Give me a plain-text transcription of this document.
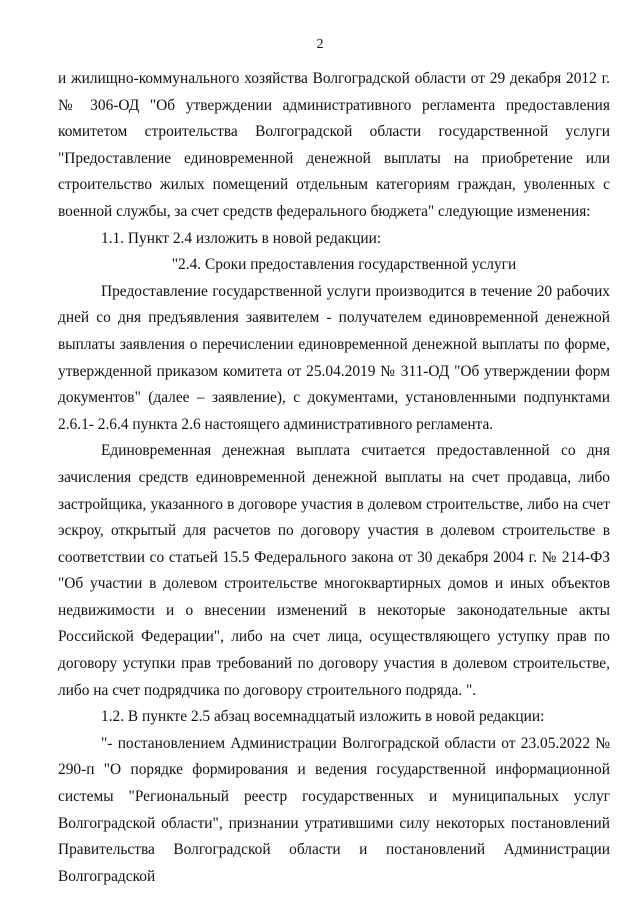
2

и жилищно-коммунального хозяйства Волгоградской области от 29 декабря 2012 г. № 306-ОД "Об утверждении административного регламента предоставления комитетом строительства Волгоградской области государственной услуги "Предоставление единовременной денежной выплаты на приобретение или строительство жилых помещений отдельным категориям граждан, уволенных с военной службы, за счет средств федерального бюджета" следующие изменения:

1.1. Пункт 2.4 изложить в новой редакции:

"2.4. Сроки предоставления государственной услуги

Предоставление государственной услуги производится в течение 20 рабочих дней со дня предъявления заявителем - получателем единовременной денежной выплаты заявления о перечислении единовременной денежной выплаты по форме, утвержденной приказом комитета от 25.04.2019 № 311-ОД "Об утверждении форм документов" (далее – заявление), с документами, установленными подпунктами 2.6.1- 2.6.4 пункта 2.6 настоящего административного регламента.

Единовременная денежная выплата считается предоставленной со дня зачисления средств единовременной денежной выплаты на счет продавца, либо застройщика, указанного в договоре участия в долевом строительстве, либо на счет эскроу, открытый для расчетов по договору участия в долевом строительстве в соответствии со статьей 15.5 Федерального закона от 30 декабря 2004 г. № 214-ФЗ "Об участии в долевом строительстве многоквартирных домов и иных объектов недвижимости и о внесении изменений в некоторые законодательные акты Российской Федерации", либо на счет лица, осуществляющего уступку прав по договору уступки прав требований по договору участия в долевом строительстве, либо на счет подрядчика по договору строительного подряда. ".

1.2. В пункте 2.5 абзац восемнадцатый изложить в новой редакции:

"- постановлением Администрации Волгоградской области от 23.05.2022 № 290-п "О порядке формирования и ведения государственной информационной системы "Региональный реестр государственных и муниципальных услуг Волгоградской области", признании утратившими силу некоторых постановлений Правительства Волгоградской области и постановлений Администрации Волгоградской
